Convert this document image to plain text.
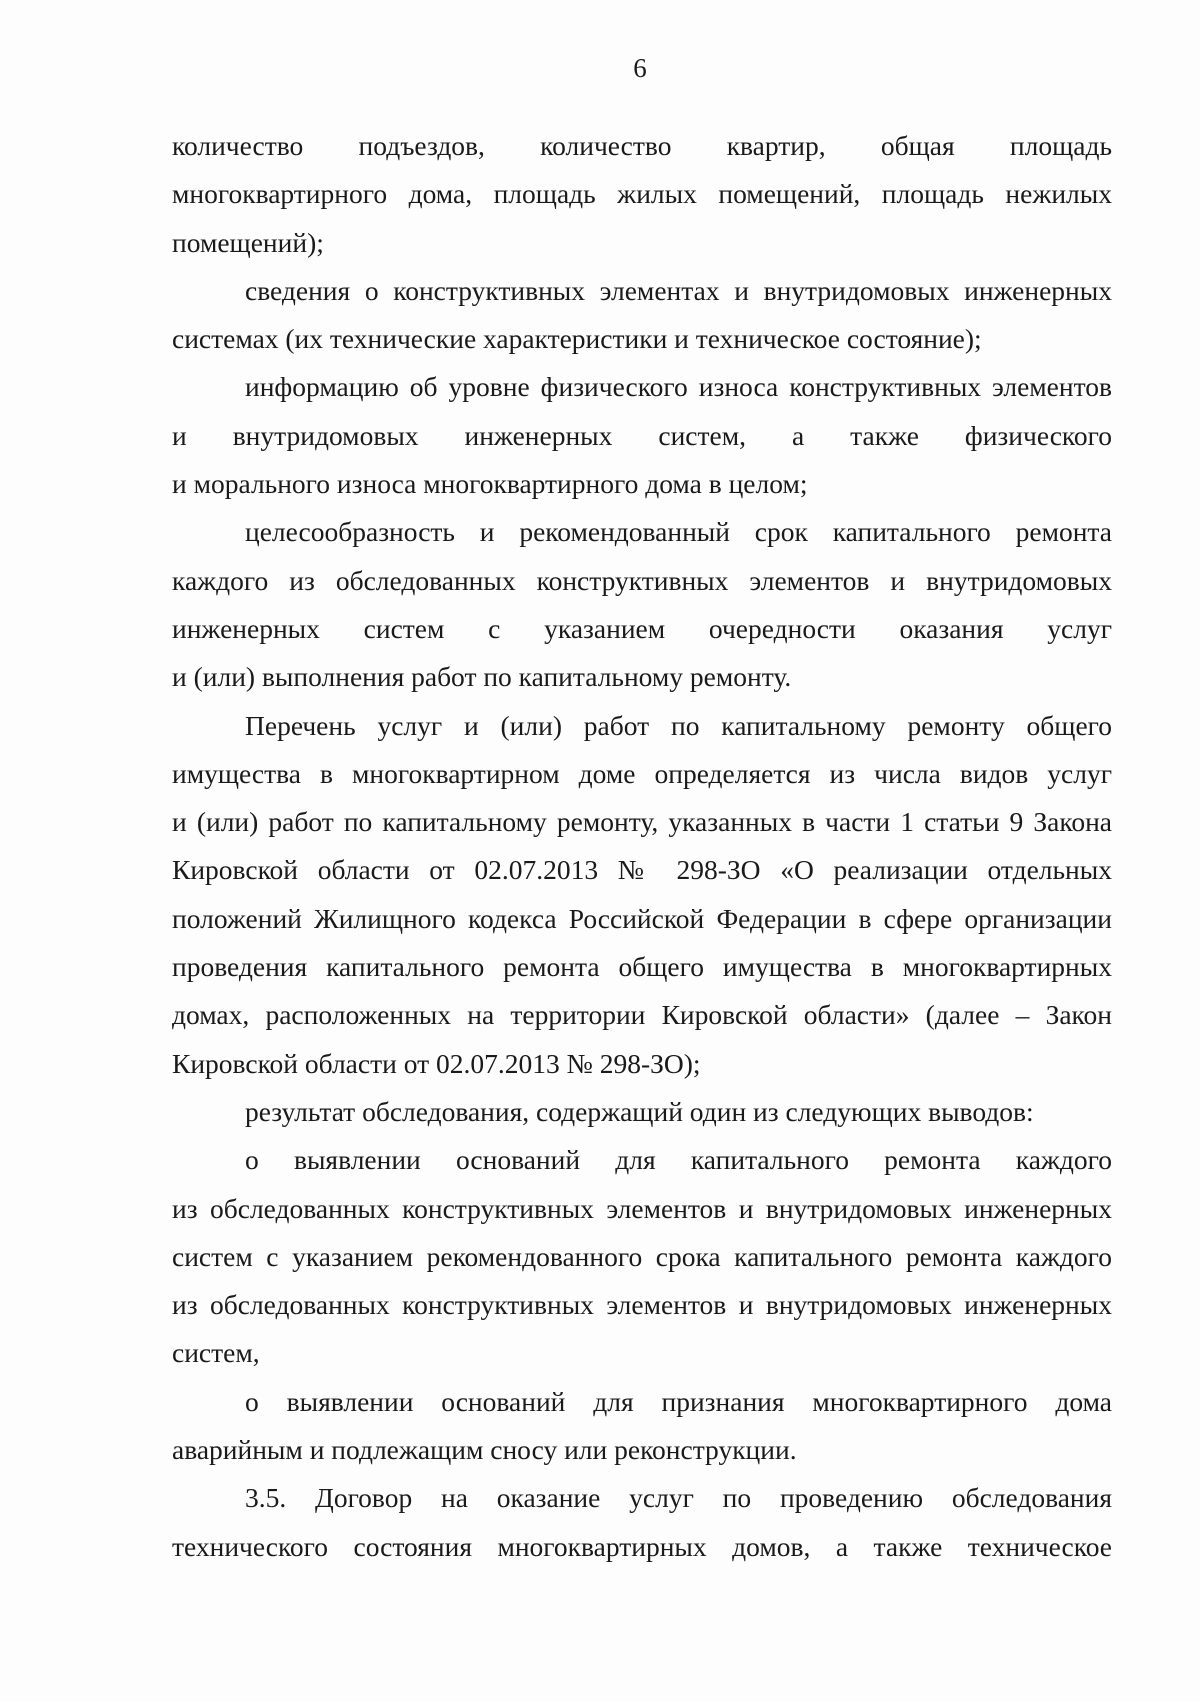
6
количество подъездов, количество квартир, общая площадь
многоквартирного дома, площадь жилых помещений, площадь нежилых
помещений);
сведения о конструктивных элементах и внутридомовых инженерных
системах (их технические характеристики и техническое состояние);
информацию об уровне физического износа конструктивных элементов
и внутридомовых инженерных систем, а также физического
и морального износа многоквартирного дома в целом;
целесообразность и рекомендованный срок капитального ремонта
каждого из обследованных конструктивных элементов и внутридомовых
инженерных систем с указанием очередности оказания услуг
и (или) выполнения работ по капитальному ремонту.
Перечень услуг и (или) работ по капитальному ремонту общего
имущества в многоквартирном доме определяется из числа видов услуг
и (или) работ по капитальному ремонту, указанных в части 1 статьи 9 Закона
Кировской области от 02.07.2013 № 298-ЗО «О реализации отдельных
положений Жилищного кодекса Российской Федерации в сфере организации
проведения капитального ремонта общего имущества в многоквартирных
домах, расположенных на территории Кировской области» (далее – Закон
Кировской области от 02.07.2013 № 298-ЗО);
результат обследования, содержащий один из следующих выводов:
о выявлении оснований для капитального ремонта каждого
из обследованных конструктивных элементов и внутридомовых инженерных
систем с указанием рекомендованного срока капитального ремонта каждого
из обследованных конструктивных элементов и внутридомовых инженерных
систем,
о выявлении оснований для признания многоквартирного дома
аварийным и подлежащим сносу или реконструкции.
3.5. Договор на оказание услуг по проведению обследования
технического состояния многоквартирных домов, а также техническое
